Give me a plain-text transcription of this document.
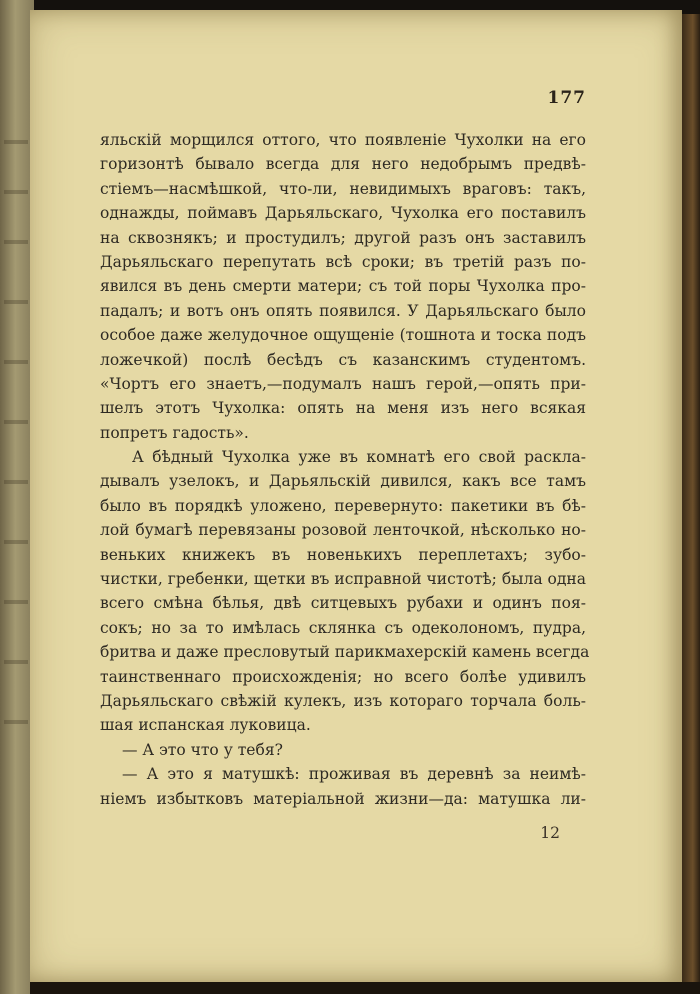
177
яльскій морщился оттого, что появленіе Чухолки на его
горизонтѣ бывало всегда для него недобрымъ предвѣ-
стіемъ—насмѣшкой, что-ли, невидимыхъ враговъ: такъ,
однажды, поймавъ Дарьяльскаго, Чухолка его поставилъ
на сквознякъ; и простудилъ; другой разъ онъ заставилъ
Дарьяльскаго перепутать всѣ сроки; въ третій разъ по-
явился въ день смерти матери; съ той поры Чухолка про-
падалъ; и вотъ онъ опять появился. У Дарьяльскаго было
особое даже желудочное ощущеніе (тошнота и тоска подъ
ложечкой) послѣ бесѣдъ съ казанскимъ студентомъ.
«Чортъ его знаетъ,—подумалъ нашъ герой,—опять при-
шелъ этотъ Чухолка: опять на меня изъ него всякая
попретъ гадость».
А бѣдный Чухолка уже въ комнатѣ его свой раскла-
дывалъ узелокъ, и Дарьяльскій дивился, какъ все тамъ
было въ порядкѣ уложено, перевернуто: пакетики въ бѣ-
лой бумагѣ перевязаны розовой ленточкой, нѣсколько но-
веньких книжекъ въ новенькихъ переплетахъ; зубо-
чистки, гребенки, щетки въ исправной чистотѣ; была одна
всего смѣна бѣлья, двѣ ситцевыхъ рубахи и одинъ поя-
сокъ; но за то имѣлась склянка съ одеколономъ, пудра,
бритва и даже пресловутый парикмахерскій камень всегда
таинственнаго происхожденія; но всего болѣе удивилъ
Дарьяльскаго свѣжій кулекъ, изъ котораго торчала боль-
шая испанская луковица.
— А это что у тебя?
— А это я матушкѣ: проживая въ деревнѣ за неимѣ-
ніемъ избытковъ матеріальной жизни—да: матушка ли-
12
